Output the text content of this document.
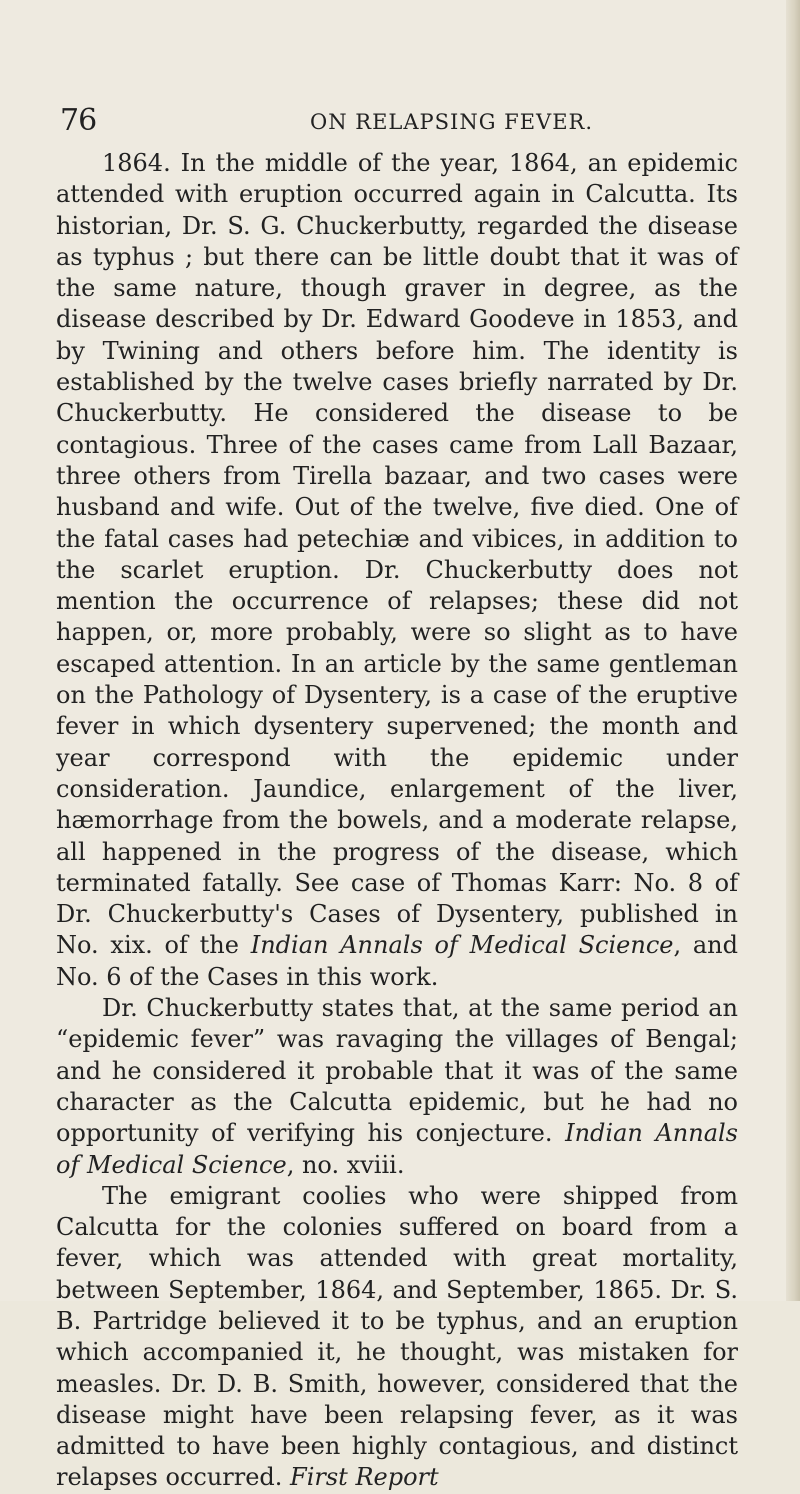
76	ON RELAPSING FEVER.

1864. In the middle of the year, 1864, an epidemic attended with eruption occurred again in Calcutta. Its historian, Dr. S. G. Chuckerbutty, regarded the disease as typhus ; but there can be little doubt that it was of the same nature, though graver in degree, as the disease described by Dr. Edward Goodeve in 1853, and by Twining and others before him. The identity is established by the twelve cases briefly narrated by Dr. Chuckerbutty. He considered the disease to be contagious. Three of the cases came from Lall Bazaar, three others from Tirella bazaar, and two cases were husband and wife. Out of the twelve, five died. One of the fatal cases had petechiæ and vibices, in addition to the scarlet eruption. Dr. Chuckerbutty does not mention the occurrence of relapses; these did not happen, or, more probably, were so slight as to have escaped attention. In an article by the same gentleman on the Pathology of Dysentery, is a case of the eruptive fever in which dysentery supervened; the month and year correspond with the epidemic under consideration. Jaundice, enlargement of the liver, hæmorrhage from the bowels, and a moderate relapse, all happened in the progress of the disease, which terminated fatally. See case of Thomas Karr: No. 8 of Dr. Chuckerbutty's Cases of Dysentery, published in No. xix. of the Indian Annals of Medical Science, and No. 6 of the Cases in this work.

Dr. Chuckerbutty states that, at the same period an “epidemic fever” was ravaging the villages of Bengal; and he considered it probable that it was of the same character as the Calcutta epidemic, but he had no opportunity of verifying his conjecture. Indian Annals of Medical Science, no. xviii.

The emigrant coolies who were shipped from Calcutta for the colonies suffered on board from a fever, which was attended with great mortality, between September, 1864, and September, 1865. Dr. S. B. Partridge believed it to be typhus, and an eruption which accompanied it, he thought, was mistaken for measles. Dr. D. B. Smith, however, considered that the disease might have been relapsing fever, as it was admitted to have been highly contagious, and distinct relapses occurred. First Report
